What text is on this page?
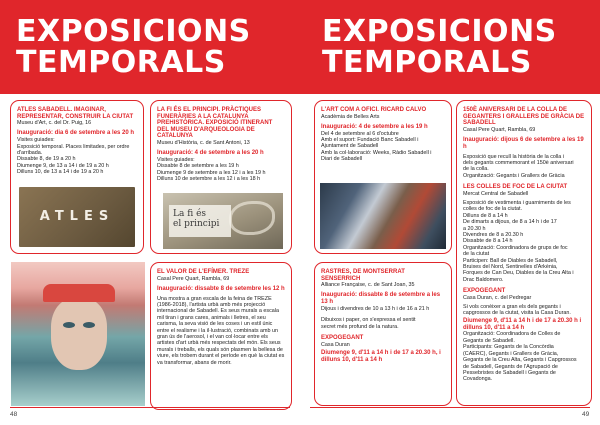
EXPOSICIONS
TEMPORALS
ATLES SABADELL. IMAGINAR, REPRESENTAR, CONSTRUIR LA CIUTAT
Museu d'Art, c. del Dr. Puig, 16
Inauguració: dia 6 de setembre a les 20 h
Visites guiades:
Exposició temporal. Places limitades, per ordre
d'arribada.
Dissabte 8, de 19 a 20 h
Diumenge 9, de 13 a 14 i de 19 a 20 h
Dilluns 10, de 13 a 14 i de 19 a 20 h
ATLES
LA FI ÉS EL PRINCIPI. PRÀCTIQUES FUNERÀRIES A LA CATALUNYA PREHISTÒRICA. EXPOSICIÓ ITINERANT DEL MUSEU D'ARQUEOLOGIA DE CATALUNYA
Museu d'Història, c. de Sant Antoni, 13
Inauguració: 4 de setembre a les 20 h
Visites guiades:
Dissabte 8 de setembre a les 19 h
Diumenge 9 de setembre a les 12 i a les 19 h
Dilluns 10 de setembre a les 12 i a les 18 h
La fi és
el principi
EL VALOR DE L'EFÍMER. TREZE
Casal Pere Quart, Rambla, 69
Inauguració: dissabte 8 de setembre les 12 h
Una mostra a gran escala de la feina de TREZE (1986-2018), l'artista urbà amb més projecció internacional de Sabadell. Es seus murals a escala mil tiran i grans cares, animals i lletres, el seu carisma, la seva visió de les coses i un estil únic entre el realisme i la il·lustració, combinats amb un gran ús de l'aerosol, i el van col·locar entre els artistes d'art urbà més respectats del món. Els seus murals i treballs, els quals són plasmen la bellesa de viure, els trobem durant el període en què la ciutat es va transformar, abans de morir.
48
EXPOSICIONS
TEMPORALS
L'ART COM A OFICI. RICARD CALVO
Acadèmia de Belles Arts
Inauguració: 4 de setembre a les 19 h
Del 4 de setembre al 6 d'octubre
Amb el suport: Fundació Banc Sabadell i
Ajuntament de Sabadell
Amb la col·laboració: Weeks, Ràdio Sabadell i
Diari de Sabadell
150È ANIVERSARI DE LA COLLA DE GEGANTERS I GRALLERS DE GRÀCIA DE SABADELL
Casal Pere Quart, Rambla, 69
Inauguració: dijous 6 de setembre a les 19 h
Exposició que recull la història de la colla i
dels gegants commemorant el 150è aniversari
de la colla.
Organització: Gegants i Grallers de Gràcia
LES COLLES DE FOC DE LA CIUTAT
Mercat Central de Sabadell
Exposició de vestimenta i guarniments de les
colles de foc de la ciutat.
Dilluns de 8 a 14 h
De dimarts a dijous, de 8 a 14 h i de 17
a 20.30 h
Divendres de 8 a 20.30 h
Dissabte de 8 a 14 h
Organització: Coordinadora de grups de foc
de la ciutat
Participen: Ball de Diables de Sabadell,
Bruixes del Nord, Sentinelles d'Arkènia,
Forques de Can Deu, Diables de la Creu Alta i
Drac Baldomero.
EXPOGEGANT
Casa Duran, c. del Pedregar
Si vols conèixer a gran els dels gegants i
capgrossos de la ciutat, visita la Casa Duran.
Diumenge 9, d'11 a 14 h i de 17 a 20.30 h i dilluns 10, d'11 a 14 h
Organització: Coordinadora de Colles de
Gegants de Sabadell.
Participants: Gegants de la Concòrdia
(CAERC), Gegants i Grallers de Gràcia,
Gegants de la Creu Alta, Gegants i Capgrossos
de Sabadell, Gegants de l'Agrupació de
Pessebristes de Sabadell i Gegants de
Covadonga.
RASTRES, DE MONTSERRAT SENSERRICH
Alliance Française, c. de Sant Joan, 35
Inauguració: dissabte 8 de setembre a les 13 h
Dijous i divendres de 10 a 13 h i de 16 a 21 h
Dibuixos i paper, on s'expressa el sentit
secret més profund de la natura.
EXPOGEGANT
Casa Duran
Diumenge 9, d'11 a 14 h i de 17 a 20.30 h, i dilluns 10, d'11 a 14 h
49
